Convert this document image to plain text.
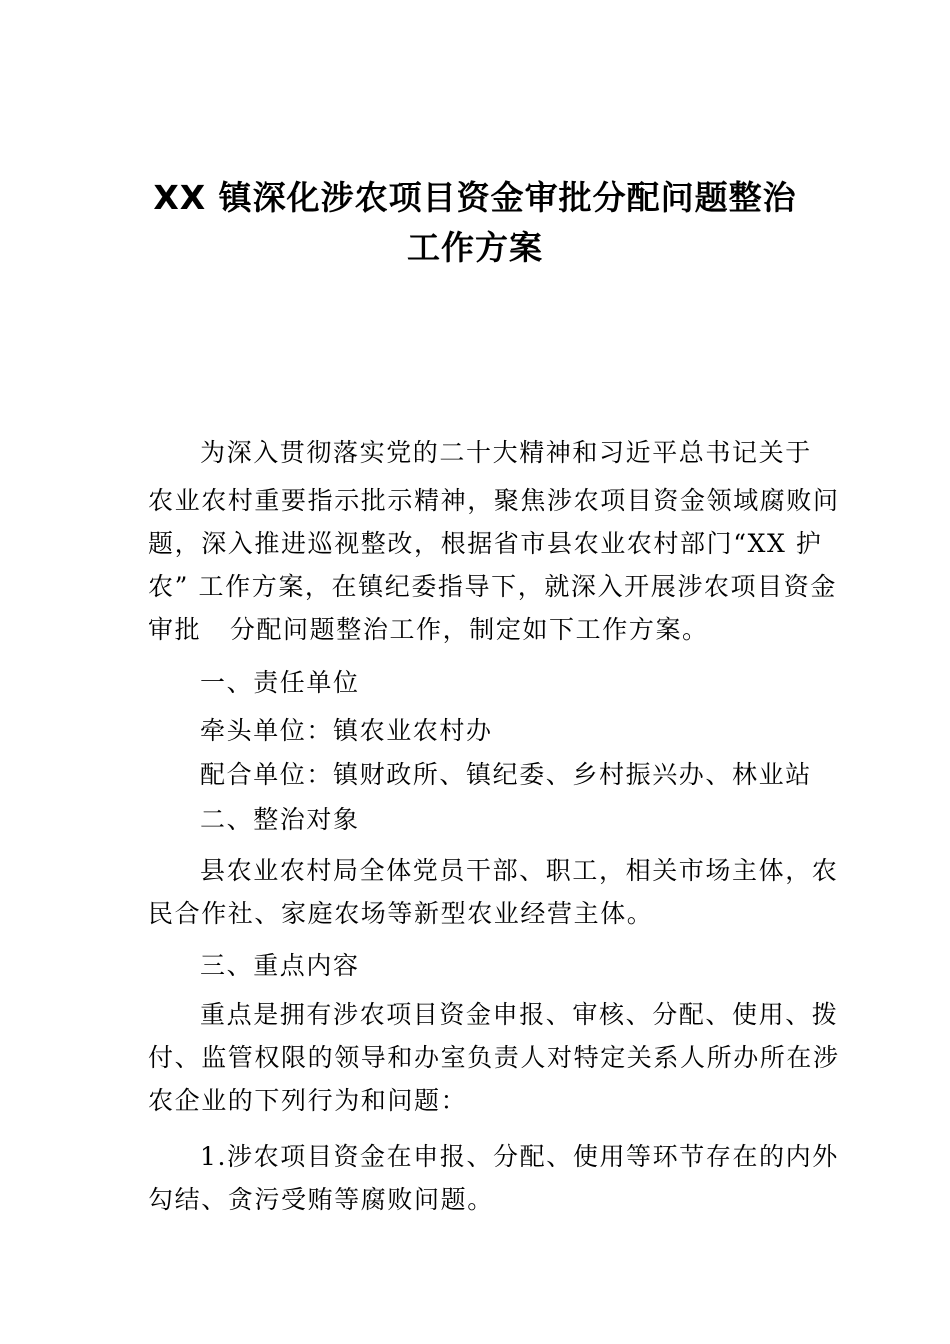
XX 镇深化涉农项目资金审批分配问题整治
工作方案

为深入贯彻落实党的二十大精神和习近平总书记关于

农业农村重要指示批示精神，聚焦涉农项目资金领域腐败问

题，深入推进巡视整改，根据省市县农业农村部门“XX 护

农” 工作方案，在镇纪委指导下，就深入开展涉农项目资金

审批   分配问题整治工作，制定如下工作方案。

一、责任单位

牵头单位：镇农业农村办

配合单位：镇财政所、镇纪委、乡村振兴办、林业站

二、整治对象

县农业农村局全体党员干部、职工，相关市场主体，农

民合作社、家庭农场等新型农业经营主体。

三、重点内容

重点是拥有涉农项目资金申报、审核、分配、使用、拨

付、监管权限的领导和办室负责人对特定关系人所办所在涉

农企业的下列行为和问题：

1.涉农项目资金在申报、分配、使用等环节存在的内外

勾结、贪污受贿等腐败问题。
